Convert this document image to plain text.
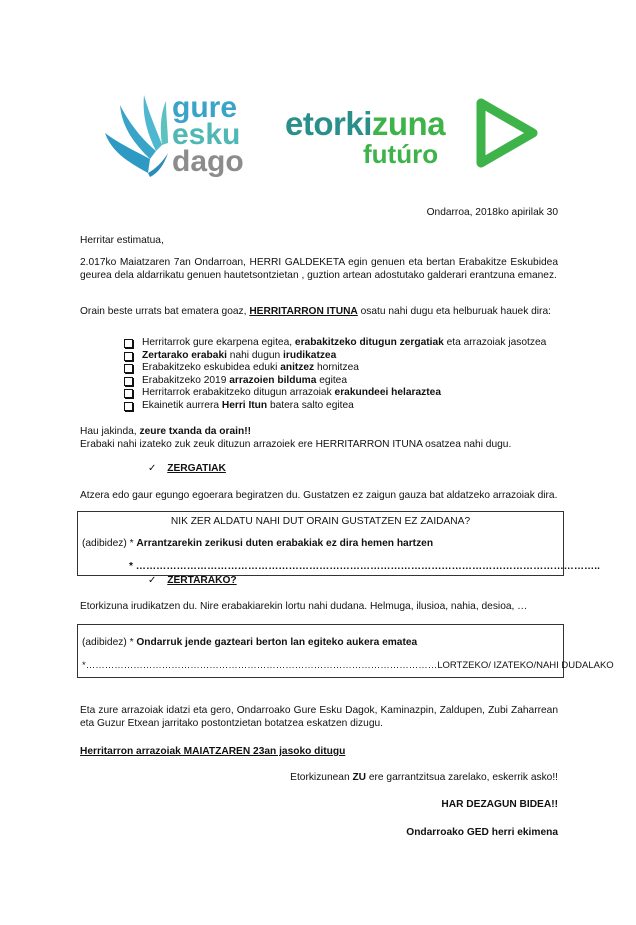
gure
esku
dago
etorkizuna
futúro
Ondarroa, 2018ko apirilak 30
Herritar estimatua,
2.017ko Maiatzaren 7an Ondarroan, HERRI GALDEKETA egin genuen eta bertan Erabakitze Eskubidea geurea dela aldarrikatu genuen hautetsontzietan , guztion artean adostutako galderari erantzuna emanez.
Orain beste urrats bat ematera goaz, HERRITARRON ITUNA osatu nahi dugu eta helburuak hauek dira:
Herritarrok gure ekarpena egitea, erabakitzeko ditugun zergatiak eta arrazoiak jasotzea
Zertarako erabaki nahi dugun irudikatzea
Erabakitzeko eskubidea eduki anitzez hornitzea
Erabakitzeko 2019 arrazoien bilduma egitea
Herritarrok erabakitzeko ditugun arrazoiak erakundeei helaraztea
Ekainetik aurrera Herri Itun batera salto egitea
Hau jakinda, zeure txanda da orain!!
Erabaki nahi izateko zuk zeuk dituzun arrazoiek ere HERRITARRON ITUNA osatzea nahi dugu.
✓ ZERGATIAK
Atzera edo gaur egungo egoerara begiratzen du. Gustatzen ez zaigun gauza bat aldatzeko arrazoiak dira.
NIK ZER ALDATU NAHI DUT ORAIN GUSTATZEN EZ ZAIDANA?
(adibidez) * Arrantzarekin zerikusi duten erabakiak ez dira hemen hartzen
* ………………………………………………………………………………………………………………………..
✓ ZERTARAKO?
Etorkizuna irudikatzen du. Nire erabakiarekin lortu nahi dudana. Helmuga, ilusioa, nahia, desioa, …
(adibidez) * Ondarruk jende gazteari berton lan egiteko aukera ematea
*…………………………………………………………………………………………………LORTZEKO/ IZATEKO/NAHI DUDALAKO
Eta zure arrazoiak idatzi eta gero, Ondarroako Gure Esku Dagok, Kaminazpin, Zaldupen, Zubi Zaharrean eta Guzur Etxean jarritako postontzietan botatzea eskatzen dizugu.
Herritarron arrazoiak MAIATZAREN 23an jasoko ditugu
Etorkizunean ZU ere garrantzitsua zarelako, eskerrik asko!!
HAR DEZAGUN BIDEA!!
Ondarroako GED herri ekimena
